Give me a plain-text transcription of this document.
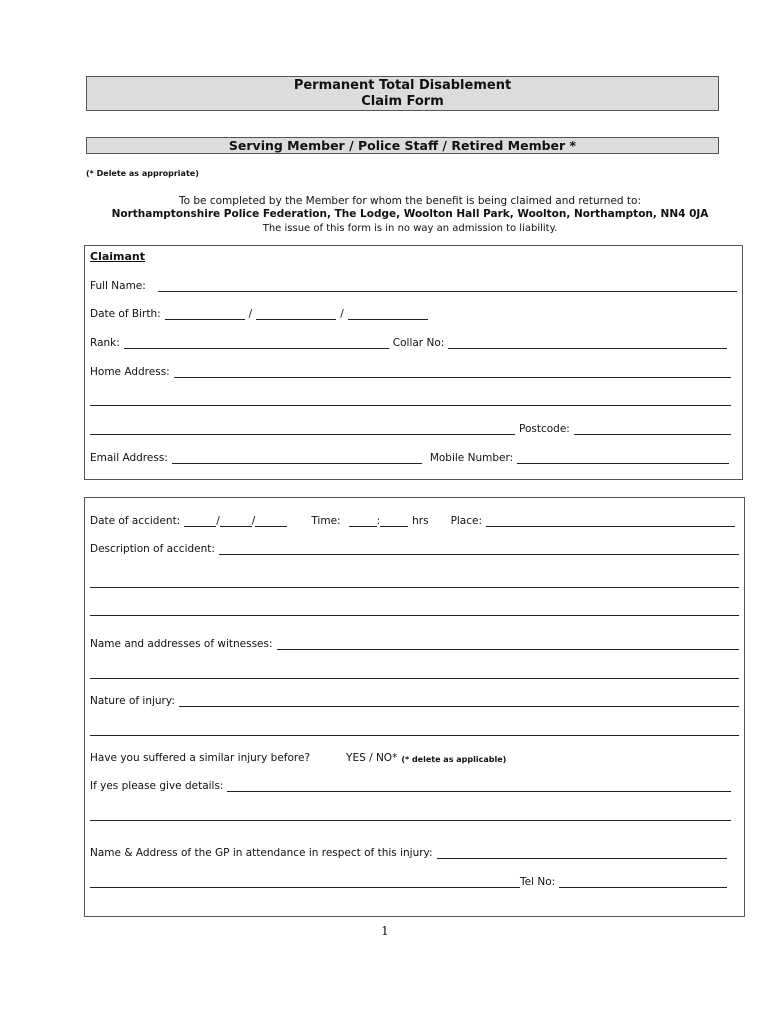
Permanent Total Disablement
Claim Form
Serving Member / Police Staff / Retired Member *
(* Delete as appropriate)
To be completed by the Member for whom the benefit is being claimed and returned to:
Northamptonshire Police Federation, The Lodge, Woolton Hall Park, Woolton, Northampton, NN4 0JA
The issue of this form is in no way an admission to liability.
Claimant
Full Name:
Date of Birth:	/	/
Rank:	Collar No:
Home Address:
Postcode:
Email Address:	Mobile Number:
Date of accident:	/	/	Time:	:	hrs	Place:
Description of accident:
Name and addresses of witnesses:
Nature of injury:
Have you suffered a similar injury before?	YES / NO* (* delete as applicable)
If yes please give details:
Name & Address of the GP in attendance in respect of this injury:
Tel No:
1
